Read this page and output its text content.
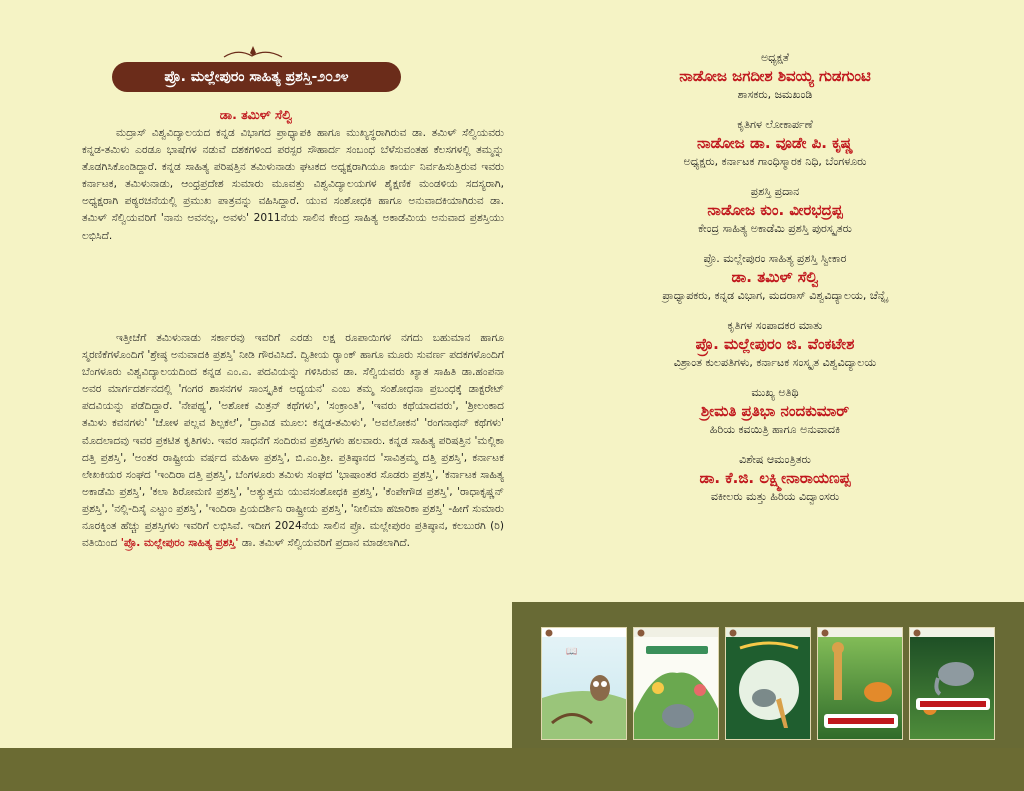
ಪ್ರೊ. ಮಲ್ಲೇಪುರಂ ಸಾಹಿತ್ಯ ಪ್ರಶಸ್ತಿ-೨೦೨೪
ಡಾ. ತಮಿಳ್ ಸೆಲ್ವಿ

ಮದ್ರಾಸ್ ವಿಶ್ವವಿದ್ಯಾಲಯದ ಕನ್ನಡ ವಿಭಾಗದ ಪ್ರಾಧ್ಯಾಪಕಿ ಹಾಗೂ ಮುಖ್ಯಸ್ಥರಾಗಿರುವ ಡಾ. ತಮಿಳ್ ಸೆಲ್ವಿಯವರು ಕನ್ನಡ-ತಮಿಳು ಎರಡೂ ಭಾಷೆಗಳ ನಡುವೆ ದಶಕಗಳಿಂದ ಪರಸ್ಪರ ಸೌಹಾರ್ದ ಸಂಬಂಧ ಬೆಳೆಸುವಂತಹ ಕೆಲಸಗಳಲ್ಲಿ ತಮ್ಮನ್ನು ತೊಡಗಿಸಿಕೊಂಡಿದ್ದಾರೆ. ಕನ್ನಡ ಸಾಹಿತ್ಯ ಪರಿಷತ್ತಿನ ತಮಿಳುನಾಡು ಘಟಕದ ಅಧ್ಯಕ್ಷರಾಗಿಯೂ ಕಾರ್ಯ ನಿರ್ವಹಿಸುತ್ತಿರುವ ಇವರು ಕರ್ನಾಟಕ, ತಮಿಳುನಾಡು, ಆಂಧ್ರಪ್ರದೇಶ ಸುಮಾರು ಮೂವತ್ತು ವಿಶ್ವವಿದ್ಯಾಲಯಗಳ ಶೈಕ್ಷಣಿಕ ಮಂಡಳಿಯ ಸದಸ್ಯರಾಗಿ, ಅಧ್ಯಕ್ಷರಾಗಿ ಪಠ್ಯರಚನೆಯಲ್ಲಿ ಪ್ರಮುಖ ಪಾತ್ರವನ್ನು ವಹಿಸಿದ್ದಾರೆ. ಯುವ ಸಂಶೋಧಕಿ ಹಾಗೂ ಅನುವಾದಕಿಯಾಗಿರುವ ಡಾ. ತಮಿಳ್ ಸೆಲ್ವಿಯವರಿಗೆ 'ನಾನು ಅವನಲ್ಲ, ಅವಳು' 2011ನೆಯ ಸಾಲಿನ ಕೇಂದ್ರ ಸಾಹಿತ್ಯ ಅಕಾಡೆಮಿಯ ಅನುವಾದ ಪ್ರಶಸ್ತಿಯು ಲಭಿಸಿದೆ.

ಇತ್ತೀಚೆಗೆ ತಮಿಳುನಾಡು ಸರ್ಕಾರವು ಇವರಿಗೆ ಎರಡು ಲಕ್ಷ ರೂಪಾಯಿಗಳ ನಗದು ಬಹುಮಾನ ಹಾಗೂ ಸ್ಮರಣಿಕೆಗಳೊಂದಿಗೆ 'ಶ್ರೇಷ್ಠ ಅನುವಾದಕಿ ಪ್ರಶಸ್ತಿ' ನೀಡಿ ಗೌರವಿಸಿದೆ. ದ್ವಿತೀಯ ರ‍್ಯಾಂಕ್ ಹಾಗೂ ಮೂರು ಸುವರ್ಣ ಪದಕಗಳೊಂದಿಗೆ ಬೆಂಗಳೂರು ವಿಶ್ವವಿದ್ಯಾಲಯದಿಂದ ಕನ್ನಡ ಎಂ.ಎ. ಪದವಿಯನ್ನು ಗಳಿಸಿರುವ ಡಾ. ಸೆಲ್ವಿಯವರು ಖ್ಯಾತ ಸಾಹಿತಿ ಡಾ.ಹಂಪನಾ ಅವರ ಮಾರ್ಗದರ್ಶನದಲ್ಲಿ 'ಗಂಗರ ಶಾಸನಗಳ ಸಾಂಸ್ಕೃತಿಕ ಅಧ್ಯಯನ' ಎಂಬ ತಮ್ಮ ಸಂಶೋಧನಾ ಪ್ರಬಂಧಕ್ಕೆ ಡಾಕ್ಟರೇಟ್ ಪದವಿಯನ್ನು ಪಡೆದಿದ್ದಾರೆ. 'ನೇಪಥ್ಯ', 'ಅಶೋಕ ಮಿತ್ರನ್ ಕಥೆಗಳು', 'ಸಂಕ್ರಾಂತಿ', 'ಇವರು ಕಥೆಯಾದವರು', 'ಶ್ರೀಲಂಕಾದ ತಮಿಳು ಕವನಗಳು' 'ಚೋಳ ಪಲ್ಲವ ಶಿಲ್ಪಕಲೆ', 'ದ್ರಾವಿಡ ಮೂಲ: ಕನ್ನಡ-ತಮಿಳು', 'ಅವಲೋಕನ' 'ರಂಗನಾಥನ್ ಕಥೆಗಳು' ಮೊದಲಾದವು ಇವರ ಪ್ರಕಟಿತ ಕೃತಿಗಳು. ಇವರ ಸಾಧನೆಗೆ ಸಂದಿರುವ ಪ್ರಶಸ್ತಿಗಳು ಹಲವಾರು. ಕನ್ನಡ ಸಾಹಿತ್ಯ ಪರಿಷತ್ತಿನ 'ಮಲ್ಲಿಕಾ ದತ್ತಿ ಪ್ರಶಸ್ತಿ', 'ಅಂತರ ರಾಷ್ಟ್ರೀಯ ವರ್ಷದ ಮಹಿಳಾ ಪ್ರಶಸ್ತಿ', ಬಿ.ಎಂ.ಶ್ರೀ. ಪ್ರತಿಷ್ಠಾನದ 'ಸಾವಿತ್ರಮ್ಮ ದತ್ತಿ ಪ್ರಶಸ್ತಿ', ಕರ್ನಾಟಕ ಲೇಖಕಿಯರ ಸಂಘದ 'ಇಂದಿರಾ ದತ್ತಿ ಪ್ರಶಸ್ತಿ', ಬೆಂಗಳೂರು ತಮಿಳು ಸಂಘದ 'ಭಾಷಾಂತರ ಸೊಡರು ಪ್ರಶಸ್ತಿ', 'ಕರ್ನಾಟಕ ಸಾಹಿತ್ಯ ಅಕಾಡೆಮಿ ಪ್ರಶಸ್ತಿ', 'ಕಲಾ ಶಿರೋಮಣಿ ಪ್ರಶಸ್ತಿ', 'ಅತ್ಯುತ್ತಮ ಯುವಸಂಶೋಧಕಿ ಪ್ರಶಸ್ತಿ', 'ಕೆಂಪೇಗೌಡ ಪ್ರಶಸ್ತಿ', 'ರಾಧಾಕೃಷ್ಣನ್ ಪ್ರಶಸ್ತಿ', 'ನಲ್ಲಿ-ದಿಸೈ ಎಟ್ಟುಂ ಪ್ರಶಸ್ತಿ', 'ಇಂದಿರಾ ಪ್ರಿಯದರ್ಶಿನಿ ರಾಷ್ಟ್ರೀಯ ಪ್ರಶಸ್ತಿ', 'ನೀಲಿಮಾ ಹಜಾರಿಕಾ ಪ್ರಶಸ್ತಿ' -ಹೀಗೆ ಸುಮಾರು ನೂರಕ್ಕಿಂತ ಹೆಚ್ಚು ಪ್ರಶಸ್ತಿಗಳು ಇವರಿಗೆ ಲಭಿಸಿವೆ. ಇದೀಗ 2024ನೆಯ ಸಾಲಿನ ಪ್ರೊ. ಮಲ್ಲೇಪುರಂ ಪ್ರತಿಷ್ಠಾನ, ಕಲಬುರಗಿ (ರಿ) ವತಿಯಿಂದ 'ಪ್ರೊ. ಮಲ್ಲೇಪುರಂ ಸಾಹಿತ್ಯ ಪ್ರಶಸ್ತಿ' ಡಾ. ತಮಿಳ್ ಸೆಲ್ವಿಯವರಿಗೆ ಪ್ರದಾನ ಮಾಡಲಾಗಿದೆ.

ಅಧ್ಯಕ್ಷತೆ
ನಾಡೋಜ ಜಗದೀಶ ಶಿವಯ್ಯ ಗುಡಗುಂಟಿ
ಶಾಸಕರು, ಜಮಖಂಡಿ
ಕೃತಿಗಳ ಲೋಕಾರ್ಪಣೆ
ನಾಡೋಜ ಡಾ. ವೂಡೇ ಪಿ. ಕೃಷ್ಣ
ಅಧ್ಯಕ್ಷರು, ಕರ್ನಾಟಕ ಗಾಂಧಿಸ್ಮಾರಕ ನಿಧಿ, ಬೆಂಗಳೂರು
ಪ್ರಶಸ್ತಿ ಪ್ರದಾನ
ನಾಡೋಜ ಕುಂ. ವೀರಭದ್ರಪ್ಪ
ಕೇಂದ್ರ ಸಾಹಿತ್ಯ ಅಕಾಡೆಮಿ ಪ್ರಶಸ್ತಿ ಪುರಸ್ಕೃತರು
ಪ್ರೊ. ಮಲ್ಲೇಪುರಂ ಸಾಹಿತ್ಯ ಪ್ರಶಸ್ತಿ ಸ್ವೀಕಾರ
ಡಾ. ತಮಿಳ್ ಸೆಲ್ವಿ
ಪ್ರಾಧ್ಯಾಪಕರು, ಕನ್ನಡ ವಿಭಾಗ, ಮದರಾಸ್ ವಿಶ್ವವಿದ್ಯಾಲಯ, ಚೆನ್ನೈ
ಕೃತಿಗಳ ಸಂಪಾದಕರ ಮಾತು
ಪ್ರೊ. ಮಲ್ಲೇಪುರಂ ಜಿ. ವೆಂಕಟೇಶ
ವಿಶ್ರಾಂತ ಕುಲಪತಿಗಳು, ಕರ್ನಾಟಕ ಸಂಸ್ಕೃತ ವಿಶ್ವವಿದ್ಯಾಲಯ
ಮುಖ್ಯ ಅತಿಥಿ
ಶ್ರೀಮತಿ ಪ್ರತಿಭಾ ನಂದಕುಮಾರ್
ಹಿರಿಯ ಕವಯಿತ್ರಿ ಹಾಗೂ ಅನುವಾದಕಿ
ವಿಶೇಷ ಆಮಂತ್ರಿತರು
ಡಾ. ಕೆ.ಜಿ. ಲಕ್ಷ್ಮೀನಾರಾಯಣಪ್ಪ
ವಕೀಲರು ಮತ್ತು ಹಿರಿಯ ವಿದ್ವಾಂಸರು
📖
